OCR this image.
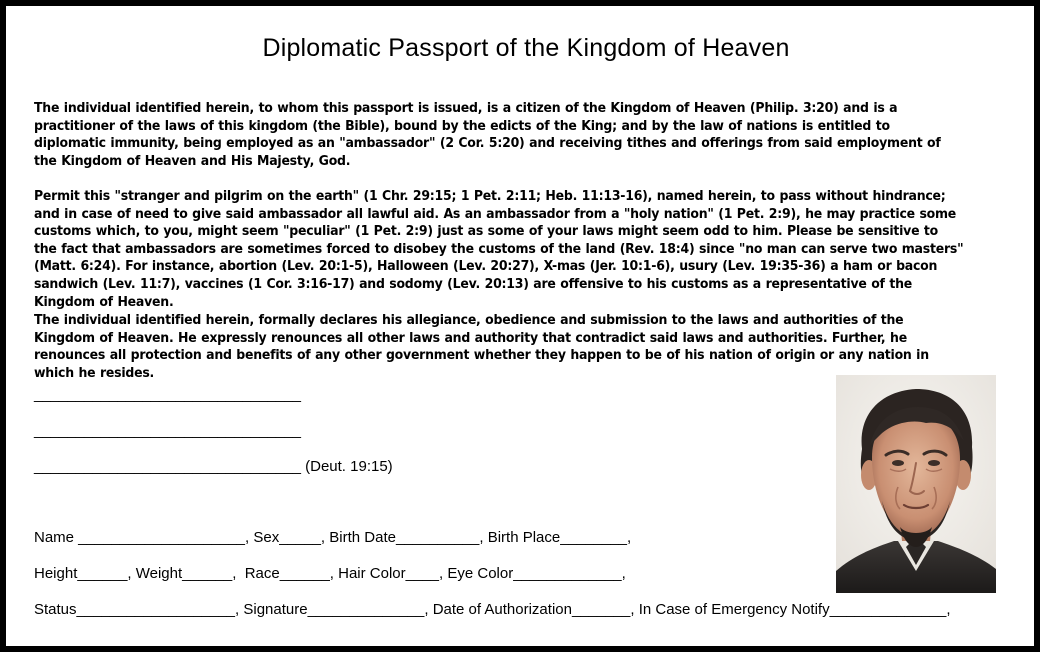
Diplomatic Passport of the Kingdom of Heaven
The individual identified herein, to whom this passport is issued, is a citizen of the Kingdom of Heaven (Philip. 3:20) and is a practitioner of the laws of this kingdom (the Bible), bound by the edicts of the King; and by the law of nations is entitled to diplomatic immunity, being employed as an "ambassador" (2 Cor. 5:20) and receiving tithes and offerings from said employment of the Kingdom of Heaven and His Majesty, God.
Permit this "stranger and pilgrim on the earth" (1 Chr. 29:15; 1 Pet. 2:11; Heb. 11:13-16), named herein, to pass without hindrance; and in case of need to give said ambassador all lawful aid. As an ambassador from a "holy nation" (1 Pet. 2:9), he may practice some customs which, to you, might seem "peculiar" (1 Pet. 2:9) just as some of your laws might seem odd to him. Please be sensitive to the fact that ambassadors are sometimes forced to disobey the customs of the land (Rev. 18:4) since "no man can serve two masters" (Matt. 6:24). For instance, abortion (Lev. 20:1-5), Halloween (Lev. 20:27), X-mas (Jer. 10:1-6), usury (Lev. 19:35-36) a ham or bacon sandwich (Lev. 11:7), vaccines (1 Cor. 3:16-17) and sodomy (Lev. 20:13) are offensive to his customs as a representative of the Kingdom of Heaven.
The individual identified herein, formally declares his allegiance, obedience and submission to the laws and authorities of the Kingdom of Heaven. He expressly renounces all other laws and authority that contradict said laws and authorities. Further, he renounces all protection and benefits of any other government whether they happen to be of his nation of origin or any nation in which he resides.
________________________________
________________________________
________________________________ (Deut. 19:15)
Name ____________________, Sex_____, Birth Date__________, Birth Place________,
Height______, Weight______,  Race______, Hair Color____, Eye Color_____________,
Status___________________, Signature______________, Date of Authorization_______, In Case of Emergency Notify______________,
